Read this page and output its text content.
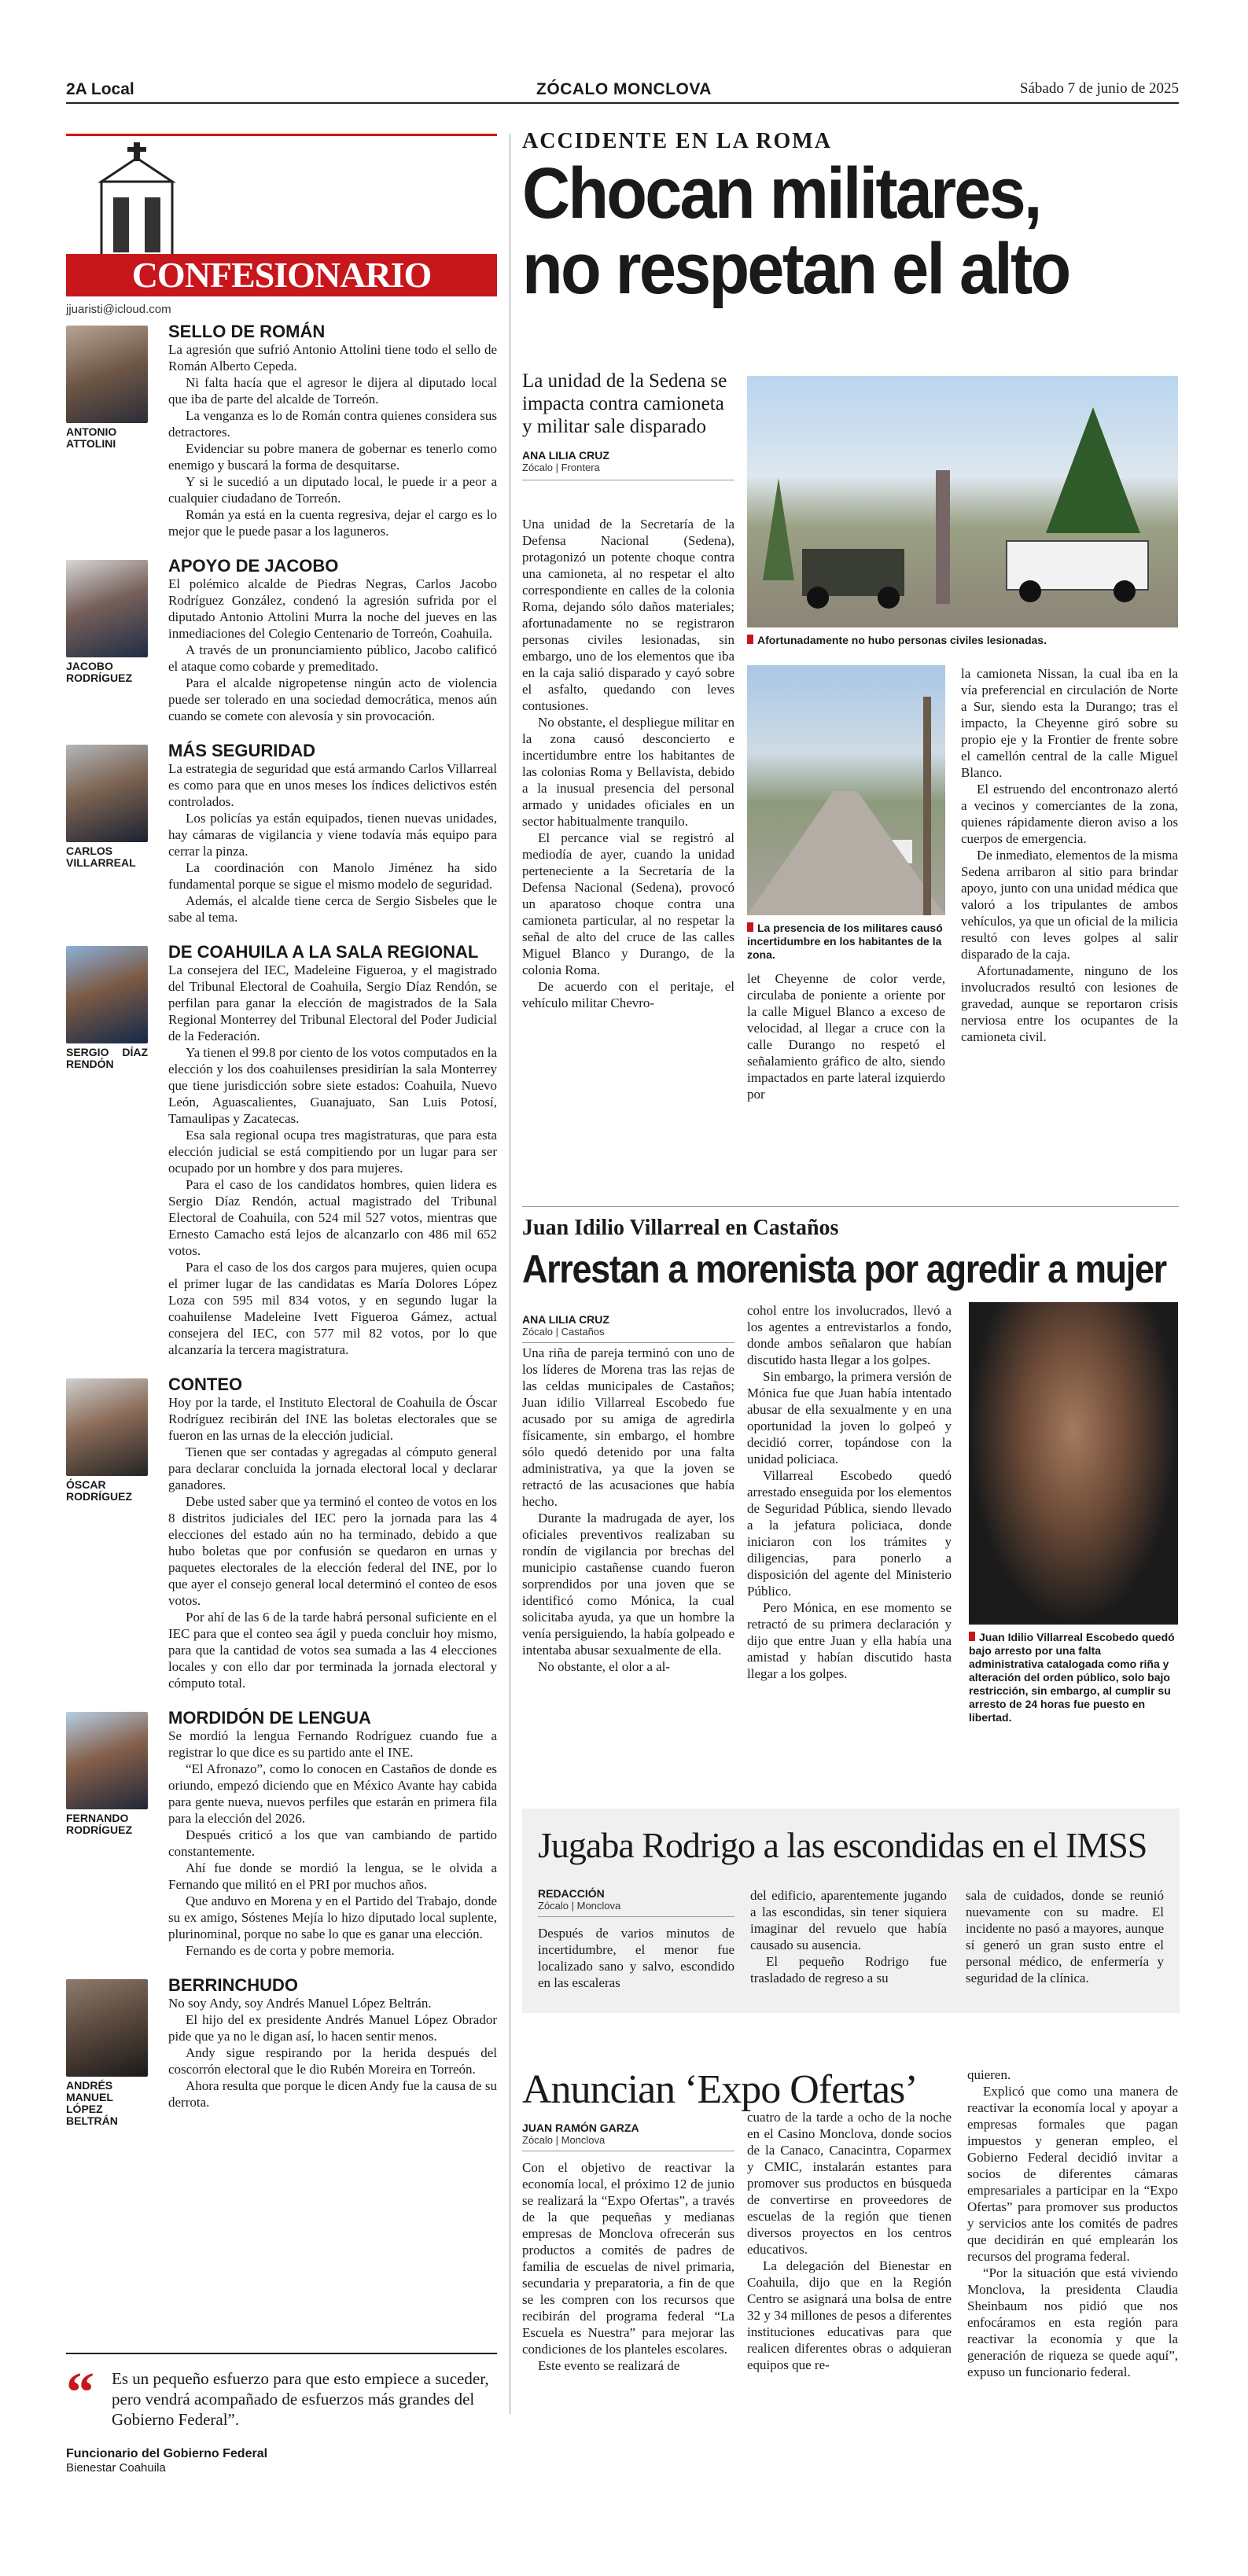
2A Local	ZÓCALO MONCLOVA	Sábado 7 de junio de 2025
CONFESIONARIO
jjuaristi@icloud.com
ANTONIO ATTOLINI
SELLO DE ROMÁN

La agresión que sufrió Antonio Attolini tiene todo el sello de Román Alberto Cepeda.

Ni falta hacía que el agresor le dijera al diputado local que iba de parte del alcalde de Torreón.

La venganza es lo de Román contra quienes considera sus detractores.

Evidenciar su pobre manera de gobernar es tenerlo como enemigo y buscará la forma de desquitarse.

Y si le sucedió a un diputado local, le puede ir a peor a cualquier ciudadano de Torreón.

Román ya está en la cuenta regresiva, dejar el cargo es lo mejor que le puede pasar a los laguneros.

JACOBO RODRÍGUEZ
APOYO DE JACOBO

El polémico alcalde de Piedras Negras, Carlos Jacobo Rodríguez González, condenó la agresión sufrida por el diputado Antonio Attolini Murra la noche del jueves en las inmediaciones del Colegio Centenario de Torreón, Coahuila.

A través de un pronunciamiento público, Jacobo calificó el ataque como cobarde y premeditado.

Para el alcalde nigropetense ningún acto de violencia puede ser tolerado en una sociedad democrática, menos aún cuando se comete con alevosía y sin provocación.

CARLOS VILLARREAL
MÁS SEGURIDAD

La estrategia de seguridad que está armando Carlos Villarreal es como para que en unos meses los índices delictivos estén controlados.

Los policías ya están equipados, tienen nuevas unidades, hay cámaras de vigilancia y viene todavía más equipo para cerrar la pinza.

La coordinación con Manolo Jiménez ha sido fundamental porque se sigue el mismo modelo de seguridad.

Además, el alcalde tiene cerca de Sergio Sisbeles que le sabe al tema.

SERGIO DÍAZ RENDÓN
DE COAHUILA A LA SALA REGIONAL

La consejera del IEC, Madeleine Figueroa, y el magistrado del Tribunal Electoral de Coahuila, Sergio Díaz Rendón, se perfilan para ganar la elección de magistrados de la Sala Regional Monterrey del Tribunal Electoral del Poder Judicial de la Federación.

Ya tienen el 99.8 por ciento de los votos computados en la elección y los dos coahuilenses presidirían la sala Monterrey que tiene jurisdicción sobre siete estados: Coahuila, Nuevo León, Aguascalientes, Guanajuato, San Luis Potosí, Tamaulipas y Zacatecas.

Esa sala regional ocupa tres magistraturas, que para esta elección judicial se está compitiendo por un lugar para ser ocupado por un hombre y dos para mujeres.

Para el caso de los candidatos hombres, quien lidera es Sergio Díaz Rendón, actual magistrado del Tribunal Electoral de Coahuila, con 524 mil 527 votos, mientras que Ernesto Camacho está lejos de alcanzarlo con 486 mil 652 votos.

Para el caso de los dos cargos para mujeres, quien ocupa el primer lugar de las candidatas es María Dolores López Loza con 595 mil 834 votos, y en segundo lugar la coahuilense Madeleine Ivett Figueroa Gámez, actual consejera del IEC, con 577 mil 82 votos, por lo que alcanzaría la tercera magistratura.

ÓSCAR RODRÍGUEZ
CONTEO

Hoy por la tarde, el Instituto Electoral de Coahuila de Óscar Rodríguez recibirán del INE las boletas electorales que se fueron en las urnas de la elección judicial.

Tienen que ser contadas y agregadas al cómputo general para declarar concluida la jornada electoral local y declarar ganadores.

Debe usted saber que ya terminó el conteo de votos en los 8 distritos judiciales del IEC pero la jornada para las 4 elecciones del estado aún no ha terminado, debido a que hubo boletas que por confusión se quedaron en urnas y paquetes electorales de la elección federal del INE, por lo que ayer el consejo general local determinó el conteo de esos votos.

Por ahí de las 6 de la tarde habrá personal suficiente en el IEC para que el conteo sea ágil y pueda concluir hoy mismo, para que la cantidad de votos sea sumada a las 4 elecciones locales y con ello dar por terminada la jornada electoral y cómputo total.

FERNANDO RODRÍGUEZ
MORDIDÓN DE LENGUA

Se mordió la lengua Fernando Rodríguez cuando fue a registrar lo que dice es su partido ante el INE.

“El Afronazo”, como lo conocen en Castaños de donde es oriundo, empezó diciendo que en México Avante hay cabida para gente nueva, nuevos perfiles que estarán en primera fila para la elección del 2026.

Después criticó a los que van cambiando de partido constantemente.

Ahí fue donde se mordió la lengua, se le olvida a Fernando que militó en el PRI por muchos años.

Que anduvo en Morena y en el Partido del Trabajo, donde su ex amigo, Sóstenes Mejía lo hizo diputado local suplente, plurinominal, porque no sabe lo que es ganar una elección.

Fernando es de corta y pobre memoria.

ANDRÉS MANUEL LÓPEZ BELTRÁN
BERRINCHUDO

No soy Andy, soy Andrés Manuel López Beltrán.

El hijo del ex presidente Andrés Manuel López Obrador pide que ya no le digan así, lo hacen sentir menos.

Andy sigue respirando por la herida después del coscorrón electoral que le dio Rubén Moreira en Torreón.

Ahora resulta que porque le dicen Andy fue la causa de su derrota.

“	Es un pequeño esfuerzo para que esto empiece a suceder, pero vendrá acompañado de esfuerzos más grandes del Gobierno Federal”.
Funcionario del Gobierno Federal
Bienestar Coahuila
ACCIDENTE EN LA ROMA
Chocan militares,
no respetan el alto
La unidad de la Sedena se impacta contra camioneta y militar sale disparado
ANA LILIA CRUZ
Zócalo | Frontera
Afortunadamente no hubo personas civiles lesionadas.
La presencia de los militares causó incertidumbre en los habitantes de la zona.

Una unidad de la Secretaría de la Defensa Nacional (Sedena), protagonizó un potente choque contra una camioneta, al no respetar el alto correspondiente en calles de la colonia Roma, dejando sólo daños materiales; afortunadamente no se registraron personas civiles lesionadas, sin embargo, uno de los elementos que iba en la caja salió disparado y cayó sobre el asfalto, quedando con leves contusiones.

No obstante, el despliegue militar en la zona causó desconcierto e incertidumbre entre los habitantes de las colonias Roma y Bellavista, debido a la inusual presencia del personal armado y unidades oficiales en un sector habitualmente tranquilo.

El percance vial se registró al mediodía de ayer, cuando la unidad perteneciente a la Secretaría de la Defensa Nacional (Sedena), provocó un aparatoso choque contra una camioneta particular, al no respetar la señal de alto del cruce de las calles Miguel Blanco y Durango, de la colonia Roma.

De acuerdo con el peritaje, el vehículo militar Chevro-

let Cheyenne de color verde, circulaba de poniente a oriente por la calle Miguel Blanco a exceso de velocidad, al llegar a cruce con la calle Durango no respetó el señalamiento gráfico de alto, siendo impactados en parte lateral izquierdo por

la camioneta Nissan, la cual iba en la vía preferencial en circulación de Norte a Sur, siendo esta la Durango; tras el impacto, la Cheyenne giró sobre su propio eje y la Frontier de frente sobre el camellón central de la calle Miguel Blanco.

El estruendo del encontronazo alertó a vecinos y comerciantes de la zona, quienes rápidamente dieron aviso a los cuerpos de emergencia.

De inmediato, elementos de la misma Sedena arribaron al sitio para brindar apoyo, junto con una unidad médica que valoró a los tripulantes de ambos vehículos, ya que un oficial de la milicia resultó con leves golpes al salir disparado de la caja.

Afortunadamente, ninguno de los involucrados resultó con lesiones de gravedad, aunque se reportaron crisis nerviosa entre los ocupantes de la camioneta civil.

Juan Idilio Villarreal en Castaños
Arrestan a morenista por agredir a mujer
ANA LILIA CRUZ
Zócalo | Castaños

Una riña de pareja terminó con uno de los líderes de Morena tras las rejas de las celdas municipales de Castaños; Juan idilio Villarreal Escobedo fue acusado por su amiga de agredirla físicamente, sin embargo, el hombre sólo quedó detenido por una falta administrativa, ya que la joven se retractó de las acusaciones que había hecho.

Durante la madrugada de ayer, los oficiales preventivos realizaban su rondín de vigilancia por brechas del municipio castañense cuando fueron sorprendidos por una joven que se identificó como Mónica, la cual solicitaba ayuda, ya que un hombre la venía persiguiendo, la había golpeado e intentaba abusar sexualmente de ella.

No obstante, el olor a al-

cohol entre los involucrados, llevó a los agentes a entrevistarlos a fondo, donde ambos señalaron que habían discutido hasta llegar a los golpes.

Sin embargo, la primera versión de Mónica fue que Juan había intentado abusar de ella sexualmente y en una oportunidad la joven lo golpeó y decidió correr, topándose con la unidad policiaca.

Villarreal Escobedo quedó arrestado enseguida por los elementos de Seguridad Pública, siendo llevado a la jefatura policiaca, donde iniciaron con los trámites y diligencias, para ponerlo a disposición del agente del Ministerio Público.

Pero Mónica, en ese momento se retractó de su primera declaración y dijo que entre Juan y ella había una amistad y habían discutido hasta llegar a los golpes.

Juan Idilio Villarreal Escobedo quedó bajo arresto por una falta administrativa catalogada como riña y alteración del orden público, solo bajo restricción, sin embargo, al cumplir su arresto de 24 horas fue puesto en libertad.
Jugaba Rodrigo a las escondidas en el IMSS
REDACCIÓN
Zócalo | Monclova

Después de varios minutos de incertidumbre, el menor fue localizado sano y salvo, escondido en las escaleras

del edificio, aparentemente jugando a las escondidas, sin tener siquiera imaginar del revuelo que había causado su ausencia.

El pequeño Rodrigo fue trasladado de regreso a su

sala de cuidados, donde se reunió nuevamente con su madre. El incidente no pasó a mayores, aunque sí generó un gran susto entre el personal médico, de enfermería y seguridad de la clínica.

Anuncian ‘Expo Ofertas’
JUAN RAMÓN GARZA
Zócalo | Monclova

Con el objetivo de reactivar la economía local, el próximo 12 de junio se realizará la “Expo Ofertas”, a través de la que pequeñas y medianas empresas de Monclova ofrecerán sus productos a comités de padres de familia de escuelas de nivel primaria, secundaria y preparatoria, a fin de que se les compren con los recursos que recibirán del programa federal “La Escuela es Nuestra” para mejorar las condiciones de los planteles escolares.

Este evento se realizará de

cuatro de la tarde a ocho de la noche en el Casino Monclova, donde socios de la Canaco, Canacintra, Coparmex y CMIC, instalarán estantes para promover sus productos en búsqueda de convertirse en proveedores de escuelas de la región que tienen diversos proyectos en los centros educativos.

La delegación del Bienestar en Coahuila, dijo que en la Región Centro se asignará una bolsa de entre 32 y 34 millones de pesos a diferentes instituciones educativas para que realicen diferentes obras o adquieran equipos que re-

quieren.

Explicó que como una manera de reactivar la economía local y apoyar a empresas formales que pagan impuestos y generan empleo, el Gobierno Federal decidió invitar a socios de diferentes cámaras empresariales a participar en la “Expo Ofertas” para promover sus productos y servicios ante los comités de padres que decidirán en qué emplearán los recursos del programa federal.

“Por la situación que está viviendo Monclova, la presidenta Claudia Sheinbaum nos pidió que nos enfocáramos en esta región para reactivar la economía y que la generación de riqueza se quede aquí”, expuso un funcionario federal.
